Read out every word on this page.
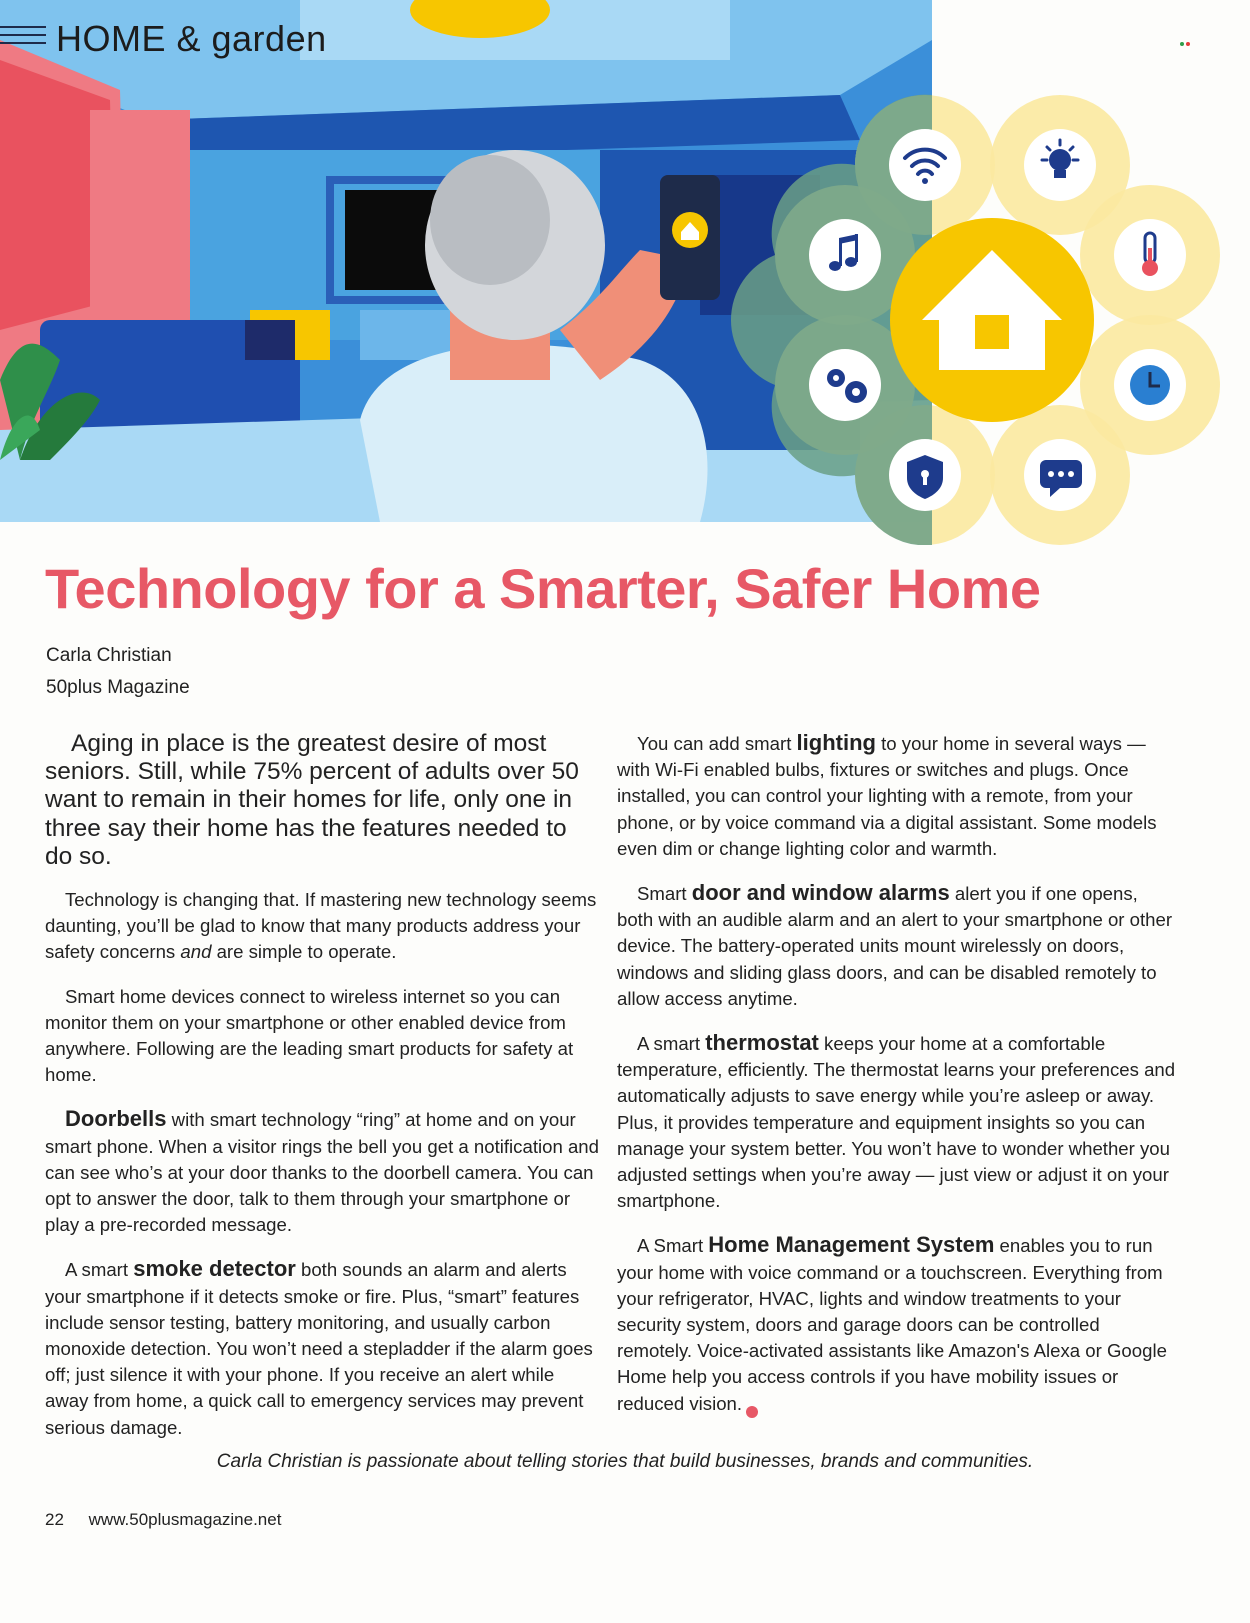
HOME & garden
Technology for a Smarter, Safer Home
Carla Christian
50plus Magazine

Aging in place is the greatest desire of most seniors. Still, while 75% percent of adults over 50 want to remain in their homes for life, only one in three say their home has the features needed to do so.

Technology is changing that. If mastering new technology seems daunting, you’ll be glad to know that many products address your safety concerns and are simple to operate.

Smart home devices connect to wireless internet so you can monitor them on your smartphone or other enabled device from anywhere. Following are the leading smart products for safety at home.

Doorbells with smart technology “ring” at home and on your smart phone. When a visitor rings the bell you get a notification and can see who’s at your door thanks to the doorbell camera. You can opt to answer the door, talk to them through your smartphone or play a pre-recorded message.

A smart smoke detector both sounds an alarm and alerts your smartphone if it detects smoke or fire. Plus, “smart” features include sensor testing, battery monitoring, and usually carbon monoxide detection. You won’t need a stepladder if the alarm goes off; just silence it with your phone. If you receive an alert while away from home, a quick call to emergency services may prevent serious damage.

You can add smart lighting to your home in several ways — with Wi-Fi enabled bulbs, fixtures or switches and plugs. Once installed, you can control your lighting with a remote, from your phone, or by voice command via a digital assistant. Some models even dim or change lighting color and warmth.

Smart door and window alarms alert you if one opens, both with an audible alarm and an alert to your smartphone or other device. The battery-operated units mount wirelessly on doors, windows and sliding glass doors, and can be disabled remotely to allow access anytime.

A smart thermostat keeps your home at a comfortable temperature, efficiently. The thermostat learns your preferences and automatically adjusts to save energy while you’re asleep or away. Plus, it provides temperature and equipment insights so you can manage your system better. You won’t have to wonder whether you adjusted settings when you’re away — just view or adjust it on your smartphone.

A Smart Home Management System enables you to run your home with voice command or a touchscreen. Everything from your refrigerator, HVAC, lights and window treatments to your security system, doors and garage doors can be controlled remotely. Voice-activated assistants like Amazon's Alexa or Google Home help you access controls if you have mobility issues or reduced vision.

Carla Christian is passionate about telling stories that build businesses, brands and communities.
22 www.50plusmagazine.net
